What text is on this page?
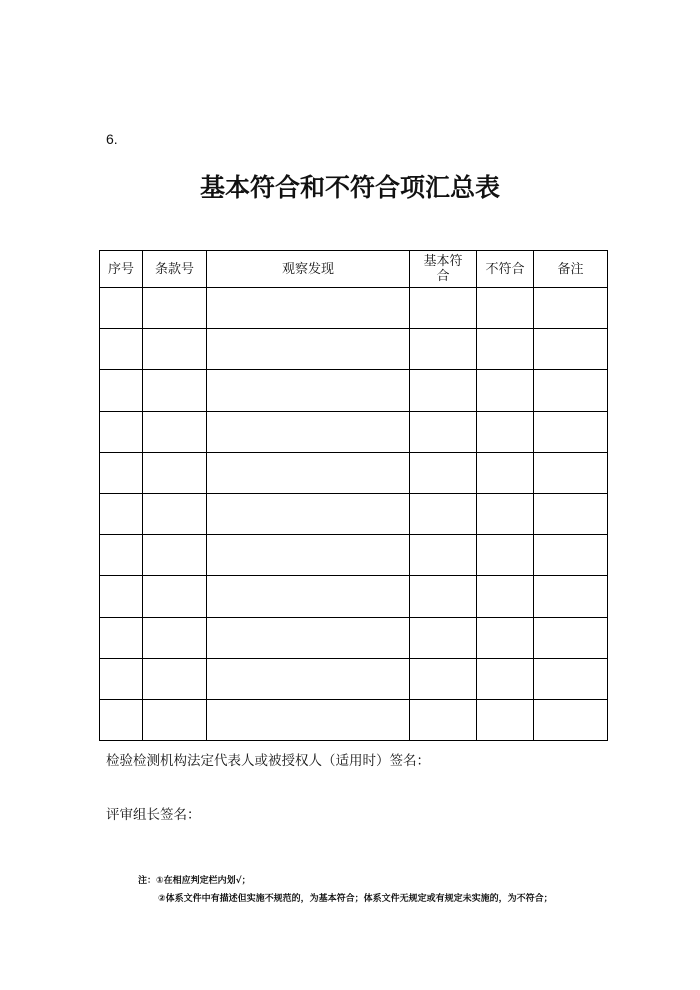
6.
基本符合和不符合项汇总表
序号	条款号	观察发现	基本符合	不符合	备注

检验检测机构法定代表人或被授权人（适用时）签名：
评审组长签名：
注：①在相应判定栏内划√；
②体系文件中有描述但实施不规范的，为基本符合；体系文件无规定或有规定未实施的，为不符合；
